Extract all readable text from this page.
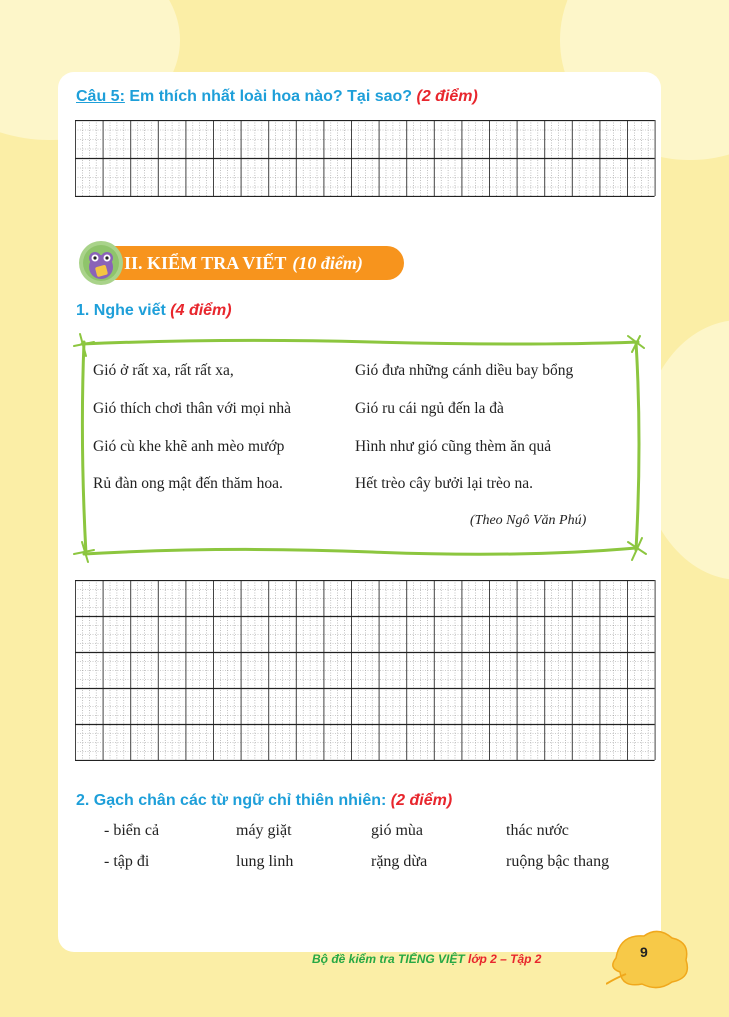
Câu 5: Em thích nhất loài hoa nào? Tại sao? (2 điểm)
II. KIỂM TRA VIẾT (10 điểm)
1. Nghe viết (4 điểm)
Gió ở rất xa, rất rất xa,
Gió thích chơi thân với mọi nhà
Gió cù khe khẽ anh mèo mướp
Rủ đàn ong mật đến thăm hoa.
Gió đưa những cánh diều bay bổng
Gió ru cái ngủ đến la đà
Hình như gió cũng thèm ăn quả
Hết trèo cây bưởi lại trèo na.
(Theo Ngô Văn Phú)
2. Gạch chân các từ ngữ chỉ thiên nhiên: (2 điểm)
- biển cả	máy giặt	gió mùa	thác nước
- tập đi	lung linh	rặng dừa	ruộng bậc thang
Bộ đề kiểm tra TIẾNG VIỆT lớp 2 – Tập 2	9
